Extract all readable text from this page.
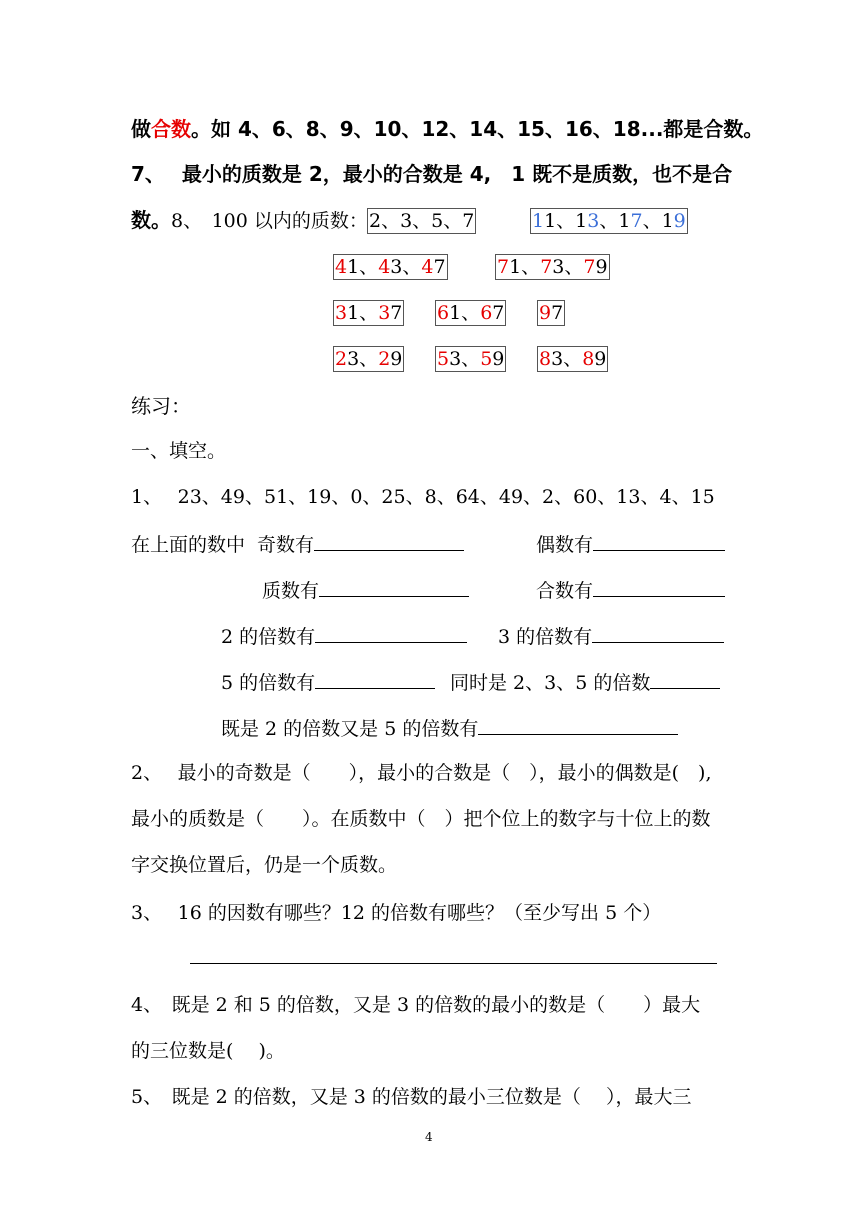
做合数。如 4、6、8、9、10、12、14、15、16、18...都是合数。
7、　 最小的质数是 2，最小的合数是 4,　1 既不是质数，也不是合
数。8、　100 以内的质数： 2、3、5、7	11、13、17、19
41、43、47	71、73、79
31、37 61、67 97
23、29 53、59 83、89
练习：
一、填空。
1、　 23、49、51、19、0、25、8、64、49、2、60、13、4、15
在上面的数中 奇数有	偶数有
质数有	合数有
2 的倍数有	3 的倍数有
5 的倍数有	同时是 2、3、5 的倍数
既是 2 的倍数又是 5 的倍数有
2、　 最小的奇数是（　　），最小的合数是（　），最小的偶数是(　),
最小的质数是（　　）。在质数中（　）把个位上的数字与十位上的数
字交换位置后，仍是一个质数。
3、　 16 的因数有哪些？12 的倍数有哪些？（至少写出 5 个）
4、　既是 2 和 5 的倍数，又是 3 的倍数的最小的数是（　　）最大
的三位数是(　 )。
5、　既是 2 的倍数，又是 3 的倍数的最小三位数是（　 ），最大三
4
